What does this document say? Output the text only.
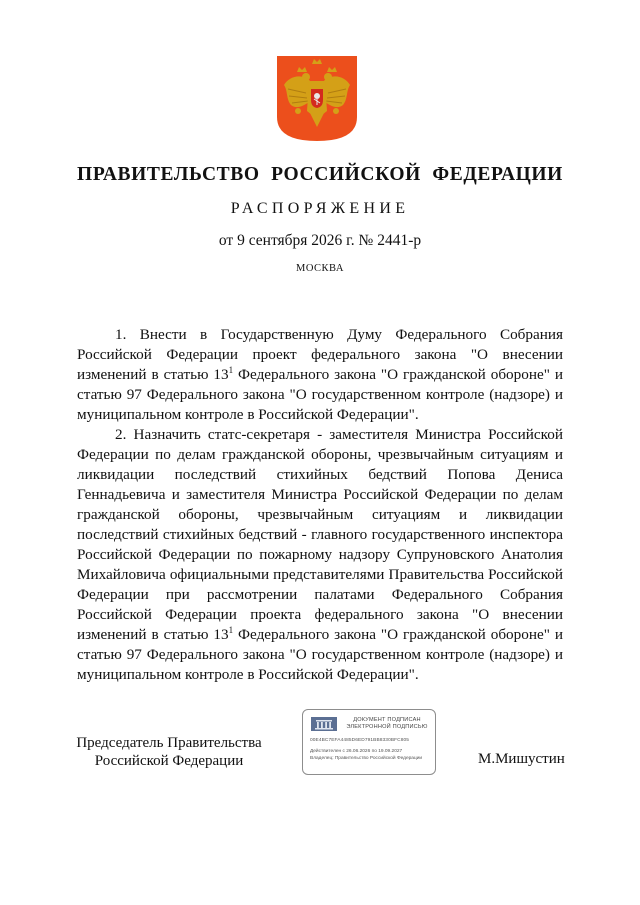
ПРАВИТЕЛЬСТВО РОССИЙСКОЙ ФЕДЕРАЦИИ
РАСПОРЯЖЕНИЕ
от 9 сентября 2026 г. № 2441-р
МОСКВА

1. Внести в Государственную Думу Федерального Собрания Российской Федерации проект федерального закона "О внесении изменений в статью $13^1$ Федерального закона "О гражданской обороне" и статью 97 Федерального закона "О государственном контроле (надзоре) и муниципальном контроле в Российской Федерации".

2. Назначить статс-секретаря - заместителя Министра Российской Федерации по делам гражданской обороны, чрезвычайным ситуациям и ликвидации последствий стихийных бедствий Попова Дениса Геннадьевича и заместителя Министра Российской Федерации по делам гражданской обороны, чрезвычайным ситуациям и ликвидации последствий стихийных бедствий - главного государственного инспектора Российской Федерации по пожарному надзору Супруновского Анатолия Михайловича официальными представителями Правительства Российской Федерации при рассмотрении палатами Федерального Собрания Российской Федерации проекта федерального закона "О внесении изменений в статью $13^1$ Федерального закона "О гражданской обороне" и статью 97 Федерального закона "О государственном контроле (надзоре) и муниципальном контроле в Российской Федерации".

Председатель Правительства
Российской Федерации
ДОКУМЕНТ ПОДПИСАН
ЭЛЕКТРОННОЙ ПОДПИСЬЮ
00E4BC7EFA4485D6ED791BB8330BFC805
Действителен с 26.06.2026 по 19.09.2027
Владелец: Правительство Российской Федерации	М.Мишустин
